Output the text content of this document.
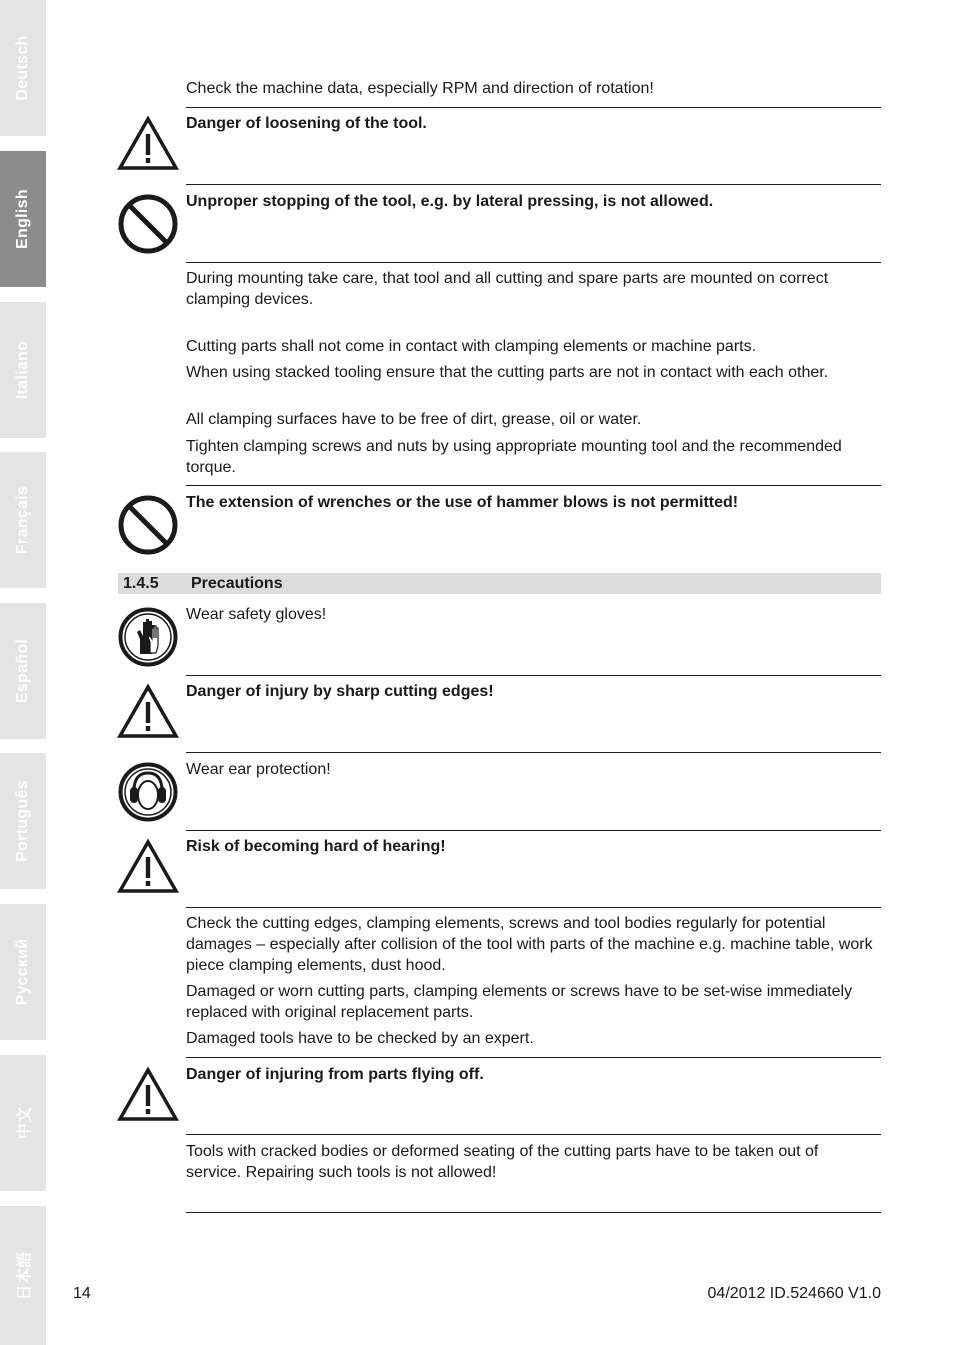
Deutsch
English
Italiano
Français
Español
Português
Русский
中文
日本語
Check the machine data, especially RPM and direction of rotation!
Danger of loosening of the tool.
Unproper stopping of the tool, e.g. by lateral pressing, is not allowed.
During mounting take care, that tool and all cutting and spare parts are mounted on correct clamping devices.
Cutting parts shall not come in contact with clamping elements or machine parts.
When using stacked tooling ensure that the cutting parts are not in contact with each other.
All clamping surfaces have to be free of dirt, grease, oil or water.
Tighten clamping screws and nuts by using appropriate mounting tool and the recommended torque.
The extension of wrenches or the use of hammer blows is not permitted!
1.4.5 Precautions
Wear safety gloves!
Danger of injury by sharp cutting edges!
Wear ear protection!
Risk of becoming hard of hearing!
Check the cutting edges, clamping elements, screws and tool bodies regularly for potential damages – especially after collision of the tool with parts of the machine e.g. machine table, work piece clamping elements, dust hood.
Damaged or worn cutting parts, clamping elements or screws have to be set-wise immediately replaced with original replacement parts.
Damaged tools have to be checked by an expert.
Danger of injuring from parts flying off.
Tools with cracked bodies or deformed seating of the cutting parts have to be taken out of service. Repairing such tools is not allowed!
14	04/2012 ID.524660 V1.0
